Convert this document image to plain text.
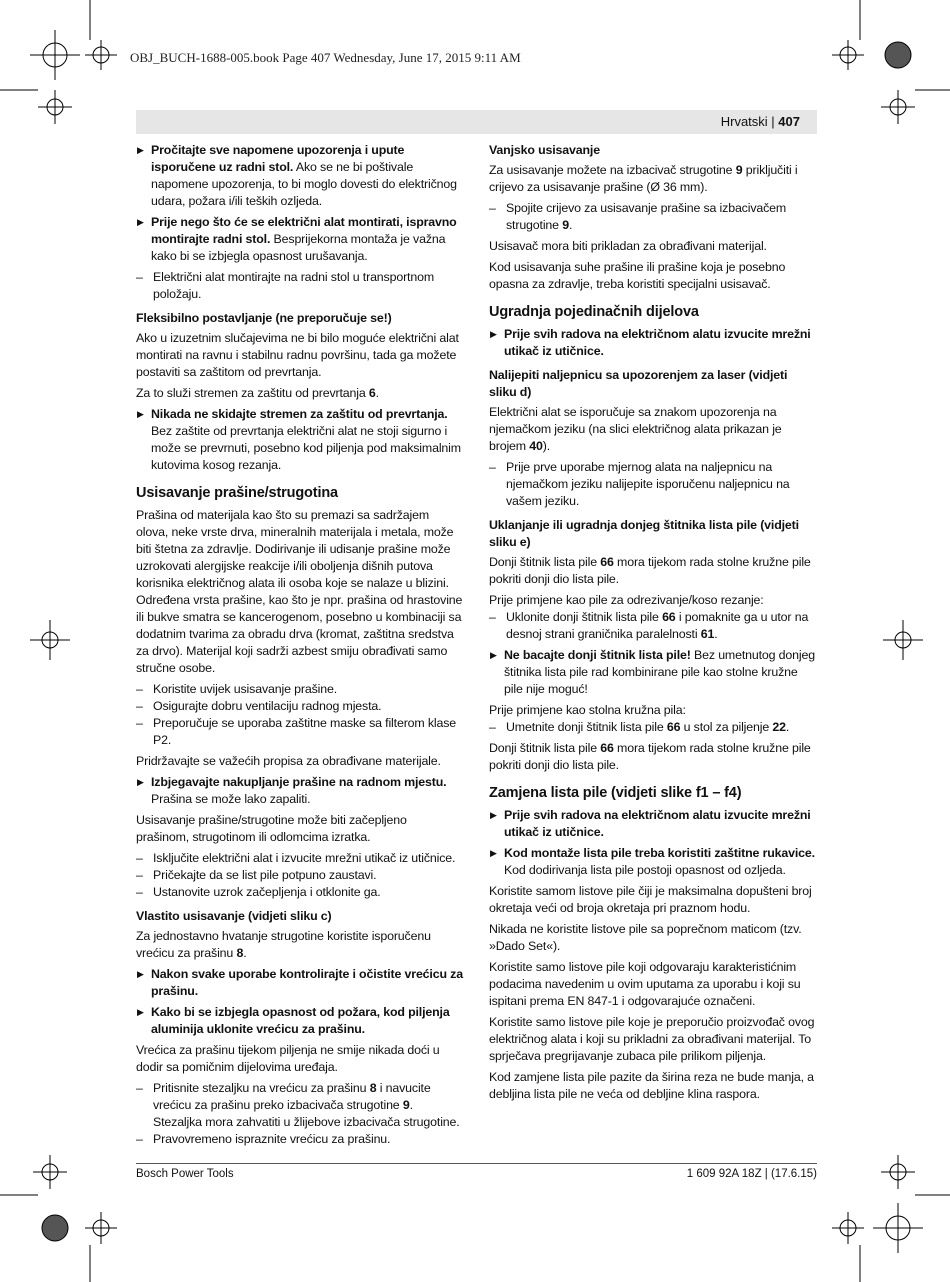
OBJ_BUCH-1688-005.book Page 407 Wednesday, June 17, 2015 9:11 AM
Hrvatski | 407
▶ Pročitajte sve napomene upozorenja i upute isporučene uz radni stol. Ako se ne bi poštivale napomene upozorenja, to bi moglo dovesti do električnog udara, požara i/ili teških ozljeda.
▶ Prije nego što će se električni alat montirati, ispravno montirajte radni stol. Besprijekorna montaža je važna kako bi se izbjegla opasnost urušavanja.
– Električni alat montirajte na radni stol u transportnom položaju.
Fleksibilno postavljanje (ne preporučuje se!)
Ako u izuzetnim slučajevima ne bi bilo moguće električni alat montirati na ravnu i stabilnu radnu površinu, tada ga možete postaviti sa zaštitom od prevrtanja.
Za to služi stremen za zaštitu od prevrtanja 6.
▶ Nikada ne skidajte stremen za zaštitu od prevrtanja. Bez zaštite od prevrtanja električni alat ne stoji sigurno i može se prevrnuti, posebno kod piljenja pod maksimalnim kutovima kosog rezanja.
Usisavanje prašine/strugotina
Prašina od materijala kao što su premazi sa sadržajem olova, neke vrste drva, mineralnih materijala i metala, može biti štetna za zdravlje. Dodirivanje ili udisanje prašine može uzrokovati alergijske reakcije i/ili oboljenja dišnih putova korisnika električnog alata ili osoba koje se nalaze u blizini.
Određena vrsta prašine, kao što je npr. prašina od hrastovine ili bukve smatra se kancerogenom, posebno u kombinaciji sa dodatnim tvarima za obradu drva (kromat, zaštitna sredstva za drvo). Materijal koji sadrži azbest smiju obrađivati samo stručne osobe.
– Koristite uvijek usisavanje prašine.
– Osigurajte dobru ventilaciju radnog mjesta.
– Preporučuje se uporaba zaštitne maske sa filterom klase P2.
Pridržavajte se važećih propisa za obrađivane materijale.
▶ Izbjegavajte nakupljanje prašine na radnom mjestu. Prašina se može lako zapaliti.
Usisavanje prašine/strugotine može biti začepljeno prašinom, strugotinom ili odlomcima izratka.
– Isključite električni alat i izvucite mrežni utikač iz utičnice.
– Pričekajte da se list pile potpuno zaustavi.
– Ustanovite uzrok začepljenja i otklonite ga.
Vlastito usisavanje (vidjeti sliku c)
Za jednostavno hvatanje strugotine koristite isporučenu vrećicu za prašinu 8.
▶ Nakon svake uporabe kontrolirajte i očistite vrećicu za prašinu.
▶ Kako bi se izbjegla opasnost od požara, kod piljenja aluminija uklonite vrećicu za prašinu.
Vrećica za prašinu tijekom piljenja ne smije nikada doći u dodir sa pomičnim dijelovima uređaja.
– Pritisnite stezaljku na vrećicu za prašinu 8 i navucite vrećicu za prašinu preko izbacivača strugotine 9. Stezaljka mora zahvatiti u žlijebove izbacivača strugotine.
– Pravovremeno ispraznite vrećicu za prašinu.
Vanjsko usisavanje
Za usisavanje možete na izbacivač strugotine 9 priključiti i crijevo za usisavanje prašine (Ø 36 mm).
– Spojite crijevo za usisavanje prašine sa izbacivačem strugotine 9.
Usisavač mora biti prikladan za obrađivani materijal.
Kod usisavanja suhe prašine ili prašine koja je posebno opasna za zdravlje, treba koristiti specijalni usisavač.
Ugradnja pojedinačnih dijelova
▶ Prije svih radova na električnom alatu izvucite mrežni utikač iz utičnice.
Nalijepiti naljepnicu sa upozorenjem za laser (vidjeti sliku d)
Električni alat se isporučuje sa znakom upozorenja na njemačkom jeziku (na slici električnog alata prikazan je brojem 40).
– Prije prve uporabe mjernog alata na naljepnicu na njemačkom jeziku nalijepite isporučenu naljepnicu na vašem jeziku.
Uklanjanje ili ugradnja donjeg štitnika lista pile (vidjeti sliku e)
Donji štitnik lista pile 66 mora tijekom rada stolne kružne pile pokriti donji dio lista pile.
Prije primjene kao pile za odrezivanje/koso rezanje:
– Uklonite donji štitnik lista pile 66 i pomaknite ga u utor na desnoj strani graničnika paralelnosti 61.
▶ Ne bacajte donji štitnik lista pile! Bez umetnutog donjeg štitnika lista pile rad kombinirane pile kao stolne kružne pile nije moguć!
Prije primjene kao stolna kružna pila:
– Umetnite donji štitnik lista pile 66 u stol za piljenje 22.
Donji štitnik lista pile 66 mora tijekom rada stolne kružne pile pokriti donji dio lista pile.
Zamjena lista pile (vidjeti slike f1 – f4)
▶ Prije svih radova na električnom alatu izvucite mrežni utikač iz utičnice.
▶ Kod montaže lista pile treba koristiti zaštitne rukavice. Kod dodirivanja lista pile postoji opasnost od ozljeda.
Koristite samom listove pile čiji je maksimalna dopušteni broj okretaja veći od broja okretaja pri praznom hodu.
Nikada ne koristite listove pile sa poprečnom maticom (tzv. »Dado Set«).
Koristite samo listove pile koji odgovaraju karakteristićnim podacima navedenim u ovim uputama za uporabu i koji su ispitani prema EN 847-1 i odgovarajuće označeni.
Koristite samo listove pile koje je preporučio proizvođač ovog električnog alata i koji su prikladni za obrađivani materijal. To sprječava pregrijavanje zubaca pile prilikom piljenja.
Kod zamjene lista pile pazite da širina reza ne bude manja, a debljina lista pile ne veća od debljine klina raspora.
Bosch Power Tools	1 609 92A 18Z | (17.6.15)
